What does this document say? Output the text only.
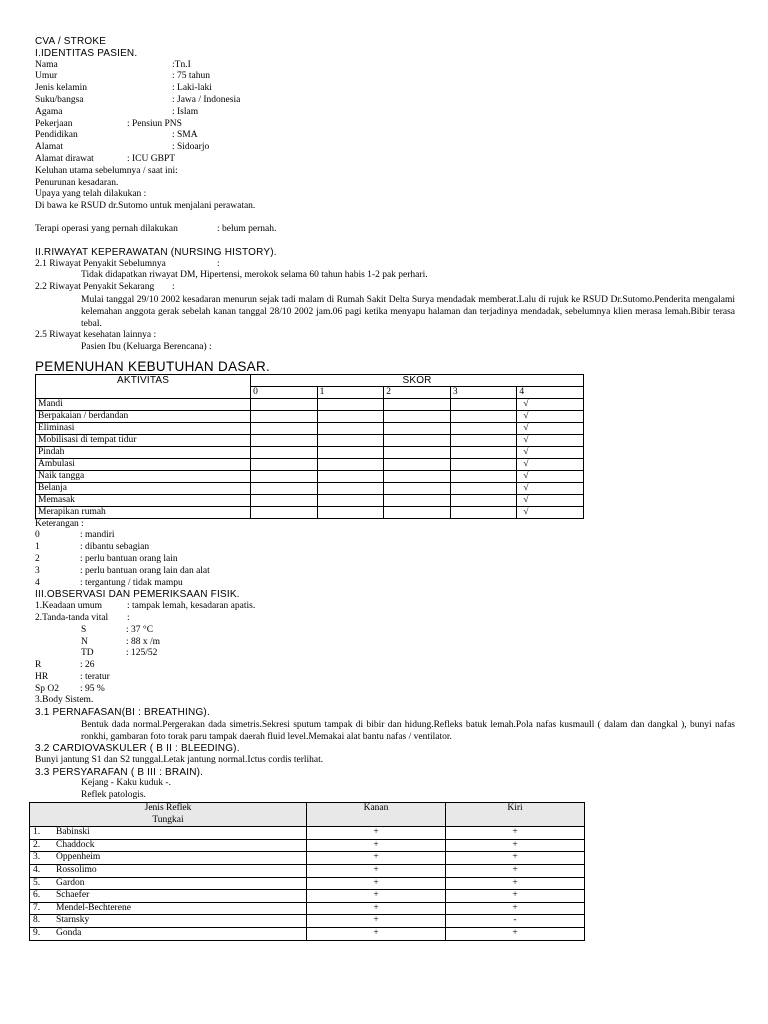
CVA / STROKE
I.IDENTITAS PASIEN.
Nama	:Tn.I
Umur	: 75 tahun
Jenis kelamin	: Laki-laki
Suku/bangsa	: Jawa / Indonesia
Agama	: Islam
Pekerjaan	: Pensiun PNS
Pendidikan	: SMA
Alamat	: Sidoarjo
Alamat dirawat	: ICU GBPT
Keluhan utama sebelumnya / saat ini:
Penurunan kesadaran.
Upaya yang telah dilakukan :
Di bawa ke RSUD dr.Sutomo untuk menjalani perawatan.
Terapi operasi yang pernah dilakukan	: belum pernah.
II.RIWAYAT KEPERAWATAN (NURSING HISTORY).
2.1 Riwayat Penyakit Sebelumnya	:
Tidak didapatkan riwayat DM, Hipertensi, merokok selama 60 tahun habis 1-2 pak perhari.
2.2 Riwayat Penyakit Sekarang	:
Mulai tanggal 29/10 2002 kesadaran menurun sejak tadi malam di Rumah Sakit Delta Surya mendadak memberat.Lalu di rujuk ke RSUD Dr.Sutomo.Penderita mengalami kelemahan anggota gerak sebelah kanan tanggal 28/10 2002 jam.06 pagi ketika menyapu halaman dan terjadinya mendadak, sebelumnya klien merasa lemah.Bibir terasa tebal.
2.5 Riwayat kesehatan lainnya :
Pasien Ibu (Keluarga Berencana) :
PEMENUHAN KEBUTUHAN DASAR.
AKTIVITAS	SKOR				
	0	1	2	3	4
Mandi					√
Berpakaian / berdandan					√
Eliminasi					√
Mobilisasi di tempat tidur					√
Pindah					√
Ambulasi					√
Naik tangga					√
Belanja					√
Memasak					√
Merapikan rumah					√
Keterangan :
0	: mandiri
1	: dibantu sebagian
2	: perlu bantuan orang lain
3	: perlu bantuan orang lain dan alat
4	: tergantung / tidak mampu
III.OBSERVASI DAN PEMERIKSAAN FISIK.
1.Keadaan umum	: tampak lemah, kesadaran apatis.
2.Tanda-tanda vital	:
S	: 37 °C
N	: 88 x /m
TD	: 125/52
R	: 26
HR	: teratur
Sp O2	: 95 %
3.Body Sistem.
3.1 PERNAFASAN(BI : BREATHING).
Bentuk dada normal.Pergerakan dada simetris.Sekresi sputum tampak di bibir dan hidung.Refleks batuk lemah.Pola nafas kusmaull ( dalam dan dangkal ), bunyi nafas ronkhi, gambaran foto torak paru tampak daerah fluid level.Memakai alat bantu nafas / ventilator.
3.2 CARDIOVASKULER ( B II : BLEEDING).
Bunyi jantung S1 dan S2 tunggal.Letak jantung normal.Ictus cordis terlihat.
3.3 PERSYARAFAN ( B III : BRAIN).
Kejang - Kaku kuduk -.
Reflek patologis.
Jenis Reflek
Tungkai	Kanan	Kiri
1. Babinski	+	+
2. Chaddock	+	+
3. Oppenheim	+	+
4. Rossolimo	+	+
5. Gardon	+	+
6. Schaefer	+	+
7. Mendel-Bechterene	+	+
8. Starnsky	+	-
9. Gonda	+	+
